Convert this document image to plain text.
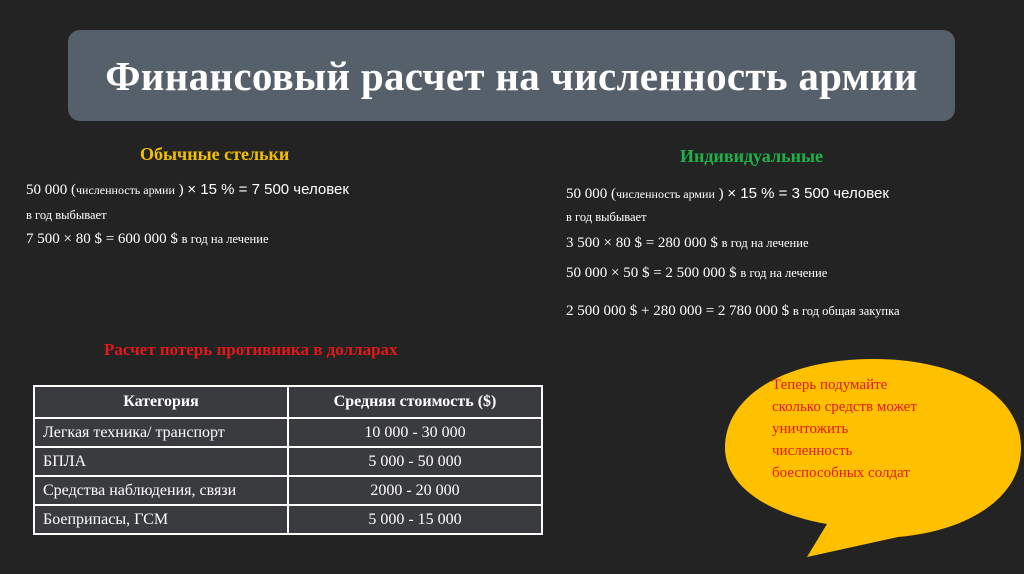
Финансовый расчет на численность армии
Обычные стельки
50 000 (численность армии ) × 15 % = 7 500 человек
в год выбывает
7 500 × 80 $ = 600 000 $ в год на лечение
Индивидуальные
50 000 (численность армии ) × 15 % = 3 500 человек
в год выбывает
3 500 × 80 $ = 280 000 $ в год на лечение
50 000 × 50 $ = 2 500 000 $ в год на лечение
2 500 000 $ + 280 000 = 2 780 000 $ в год общая закупка
Расчет потерь противника в долларах
Категория	Средняя стоимость ($)
Легкая техника/ транспорт	10 000 - 30 000
БПЛА	5 000 - 50 000
Средства наблюдения, связи	2000 - 20 000
Боеприпасы, ГСМ	5 000 - 15 000
Теперь подумайте
сколько средств может
уничтожить
численность
боеспособных солдат
